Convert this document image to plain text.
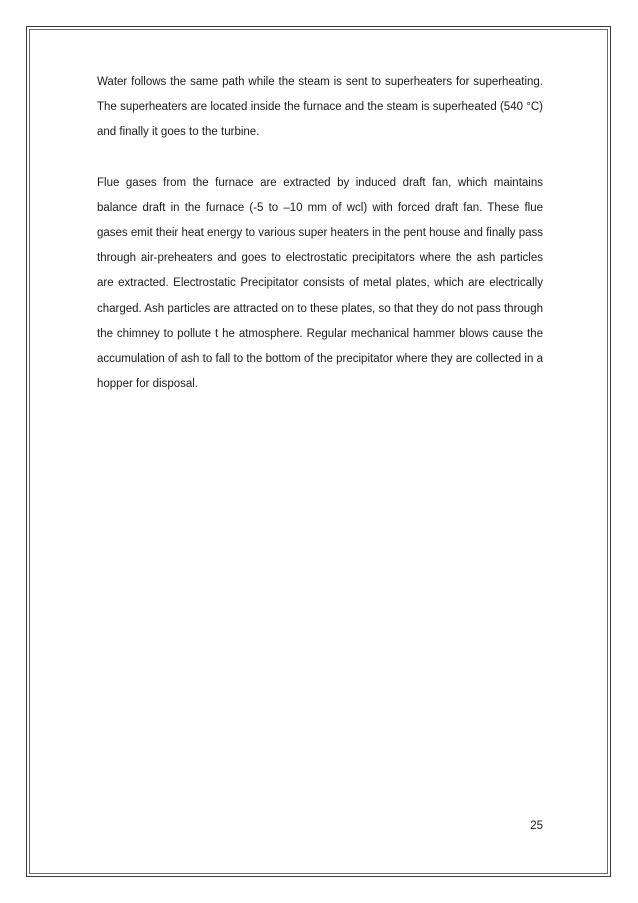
Water follows the same path while the steam is sent to superheaters for superheating. The superheaters are located inside the furnace and the steam is superheated (540 °C) and finally it goes to the turbine.

Flue gases from the furnace are extracted by induced draft fan, which maintains balance draft in the furnace (-5 to –10 mm of wcl) with forced draft fan. These flue gases emit their heat energy to various super heaters in the pent house and finally pass through air-preheaters and goes to electrostatic precipitators where the ash particles are extracted. Electrostatic Precipitator consists of metal plates, which are electrically charged. Ash particles are attracted on to these plates, so that they do not pass through the chimney to pollute t he atmosphere. Regular mechanical hammer blows cause the accumulation of ash to fall to the bottom of the precipitator where they are collected in a hopper for disposal.

25
